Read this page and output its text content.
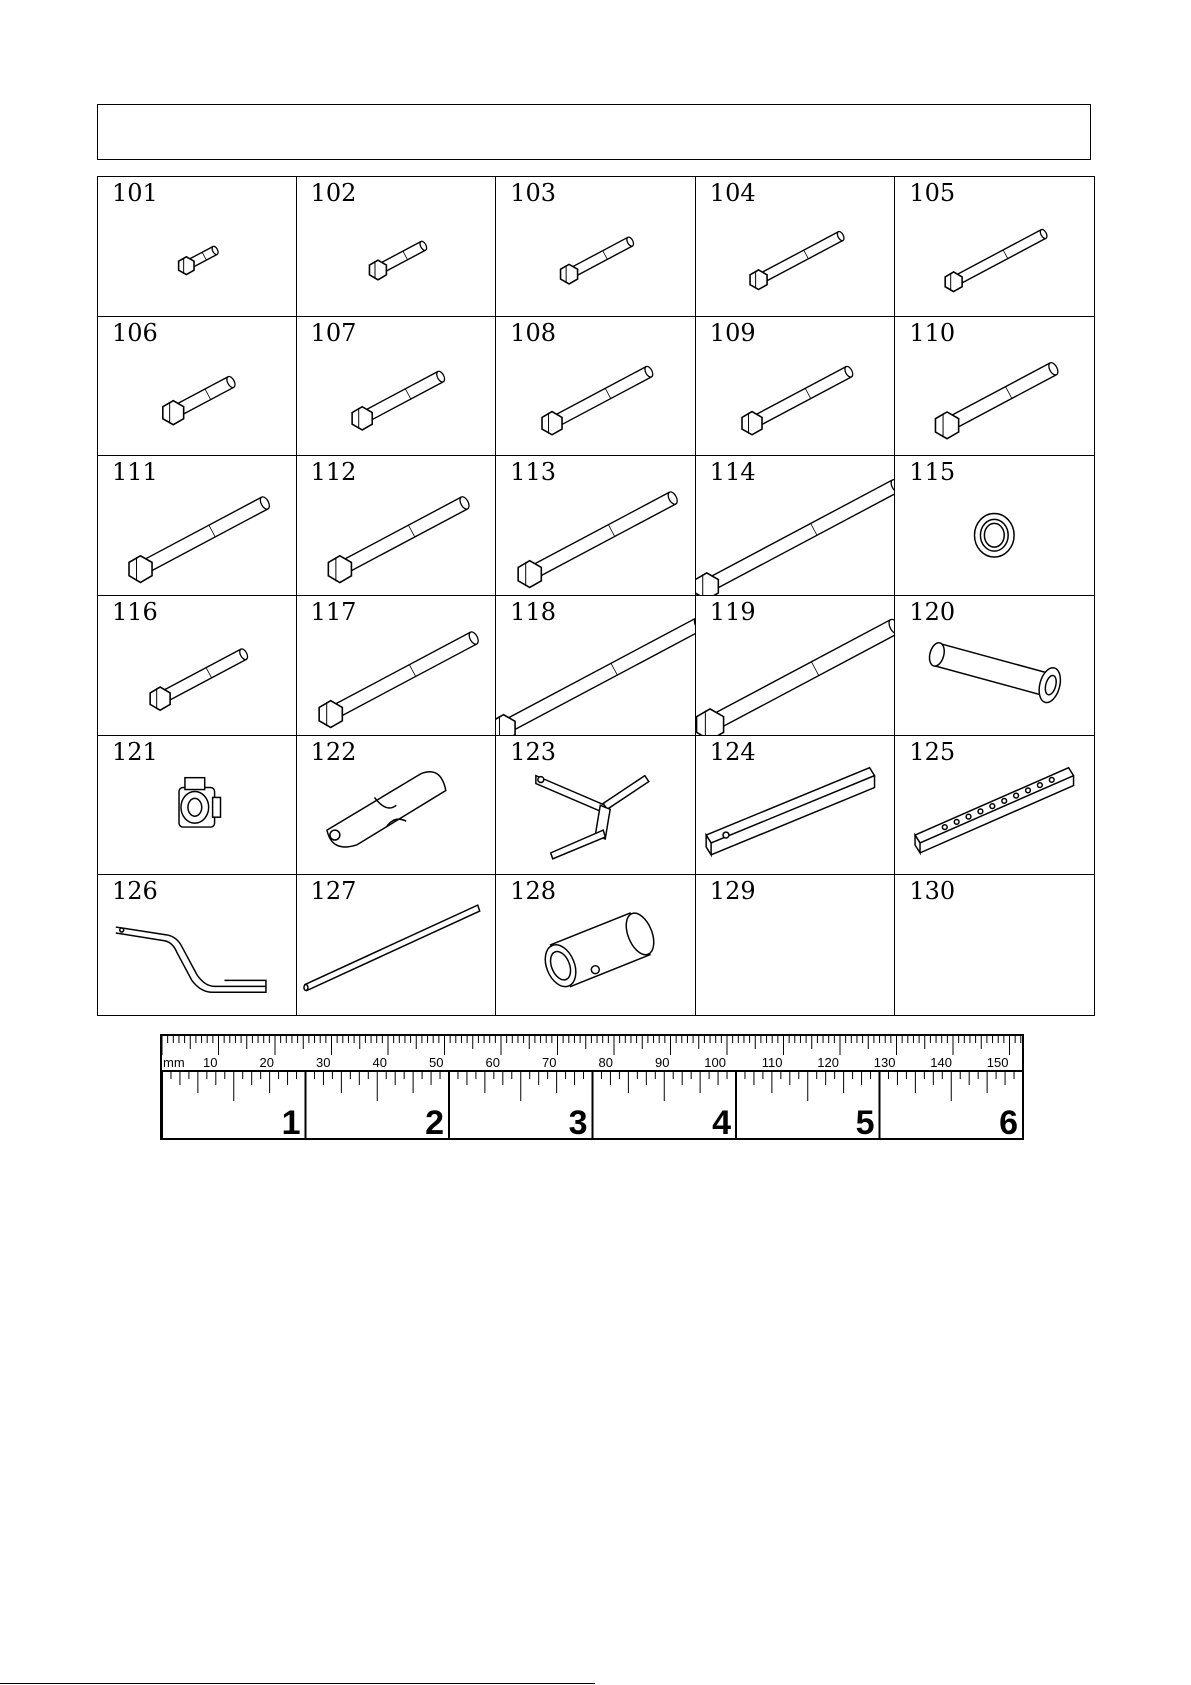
101	102	103	104	105
106	107	108	109	110
111	112	113	114	115
116	117	118	119	120
121	122	123	124	125
126	127	128	129	130
mm 10	20	30	40	50	60	70	80	90	100	110	120	130	140	150
1	2	3	4	5	6
